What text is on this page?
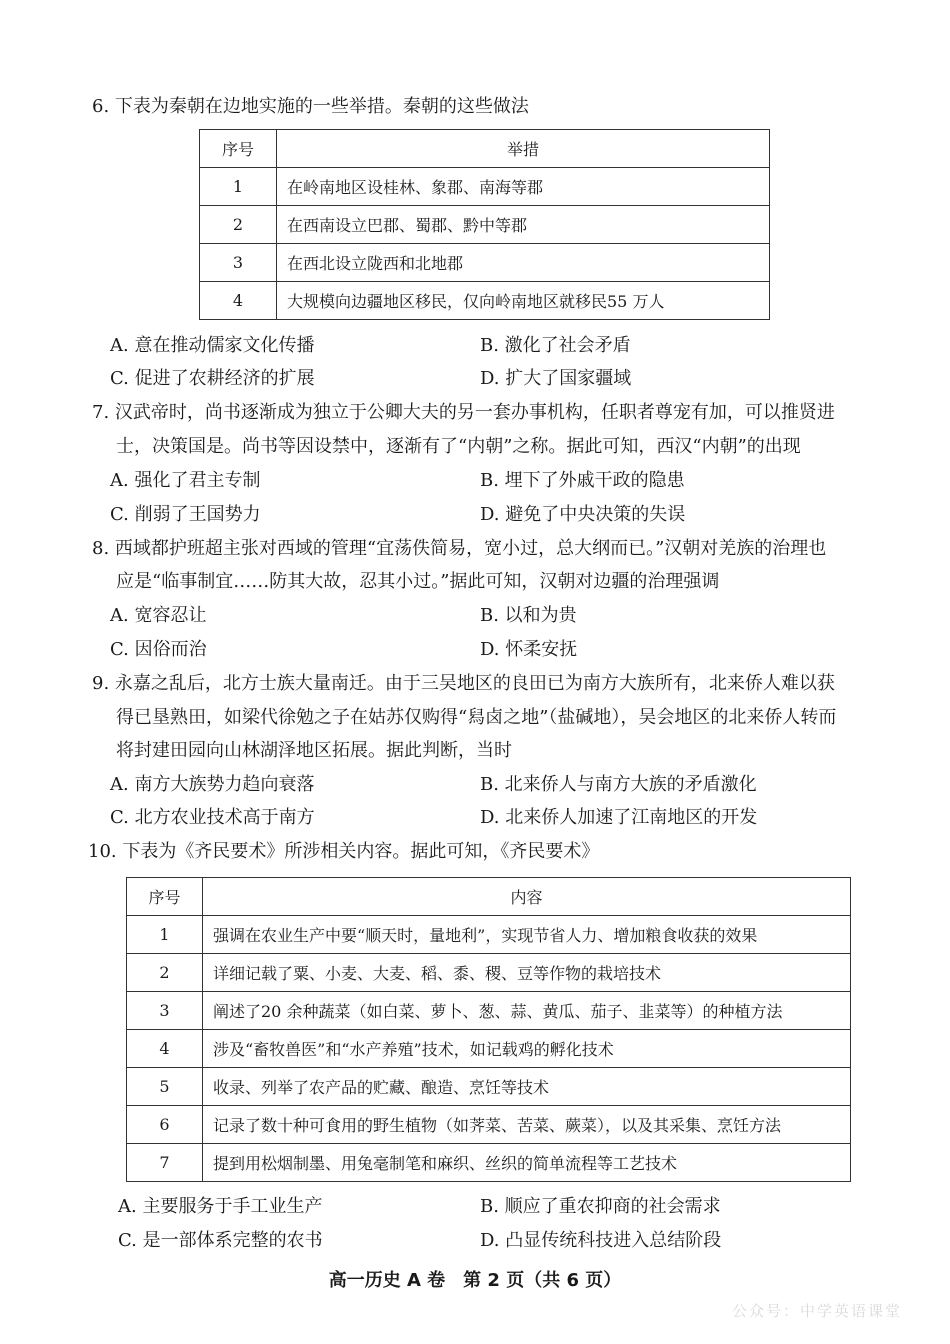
6. 下表为秦朝在边地实施的一些举措。秦朝的这些做法
序号	举措
1	在岭南地区设桂林、象郡、南海等郡
2	在西南设立巴郡、蜀郡、黔中等郡
3	在西北设立陇西和北地郡
4	大规模向边疆地区移民，仅向岭南地区就移民55 万人
A. 意在推动儒家文化传播	B. 激化了社会矛盾
C. 促进了农耕经济的扩展	D. 扩大了国家疆域
7. 汉武帝时，尚书逐渐成为独立于公卿大夫的另一套办事机构，任职者尊宠有加，可以推贤进
士，决策国是。尚书等因设禁中，逐渐有了“内朝”之称。据此可知，西汉“内朝”的出现
A. 强化了君主专制	B. 埋下了外戚干政的隐患
C. 削弱了王国势力	D. 避免了中央决策的失误
8. 西域都护班超主张对西域的管理“宜荡佚简易，宽小过，总大纲而已。”汉朝对羌族的治理也
应是“临事制宜……防其大故，忍其小过。”据此可知，汉朝对边疆的治理强调
A. 宽容忍让	B. 以和为贵
C. 因俗而治	D. 怀柔安抚
9. 永嘉之乱后，北方士族大量南迁。由于三吴地区的良田已为南方大族所有，北来侨人难以获
得已垦熟田，如梁代徐勉之子在姑苏仅购得“舄卤之地”（盐碱地），吴会地区的北来侨人转而
将封建田园向山林湖泽地区拓展。据此判断，当时
A. 南方大族势力趋向衰落	B. 北来侨人与南方大族的矛盾激化
C. 北方农业技术高于南方	D. 北来侨人加速了江南地区的开发
10. 下表为《齐民要术》所涉相关内容。据此可知，《齐民要术》
序号	内容
1	强调在农业生产中要“顺天时，量地利”，实现节省人力、增加粮食收获的效果
2	详细记载了粟、小麦、大麦、稻、黍、稷、豆等作物的栽培技术
3	阐述了20 余种蔬菜（如白菜、萝卜、葱、蒜、黄瓜、茄子、韭菜等）的种植方法
4	涉及“畜牧兽医”和“水产养殖”技术，如记载鸡的孵化技术
5	收录、列举了农产品的贮藏、酿造、烹饪等技术
6	记录了数十种可食用的野生植物（如荠菜、苦菜、蕨菜），以及其采集、烹饪方法
7	提到用松烟制墨、用兔毫制笔和麻织、丝织的简单流程等工艺技术
A. 主要服务于手工业生产	B. 顺应了重农抑商的社会需求
C. 是一部体系完整的农书	D. 凸显传统科技进入总结阶段
高一历史 A 卷　第 2 页（共 6 页）
公众号：中学英语课堂
